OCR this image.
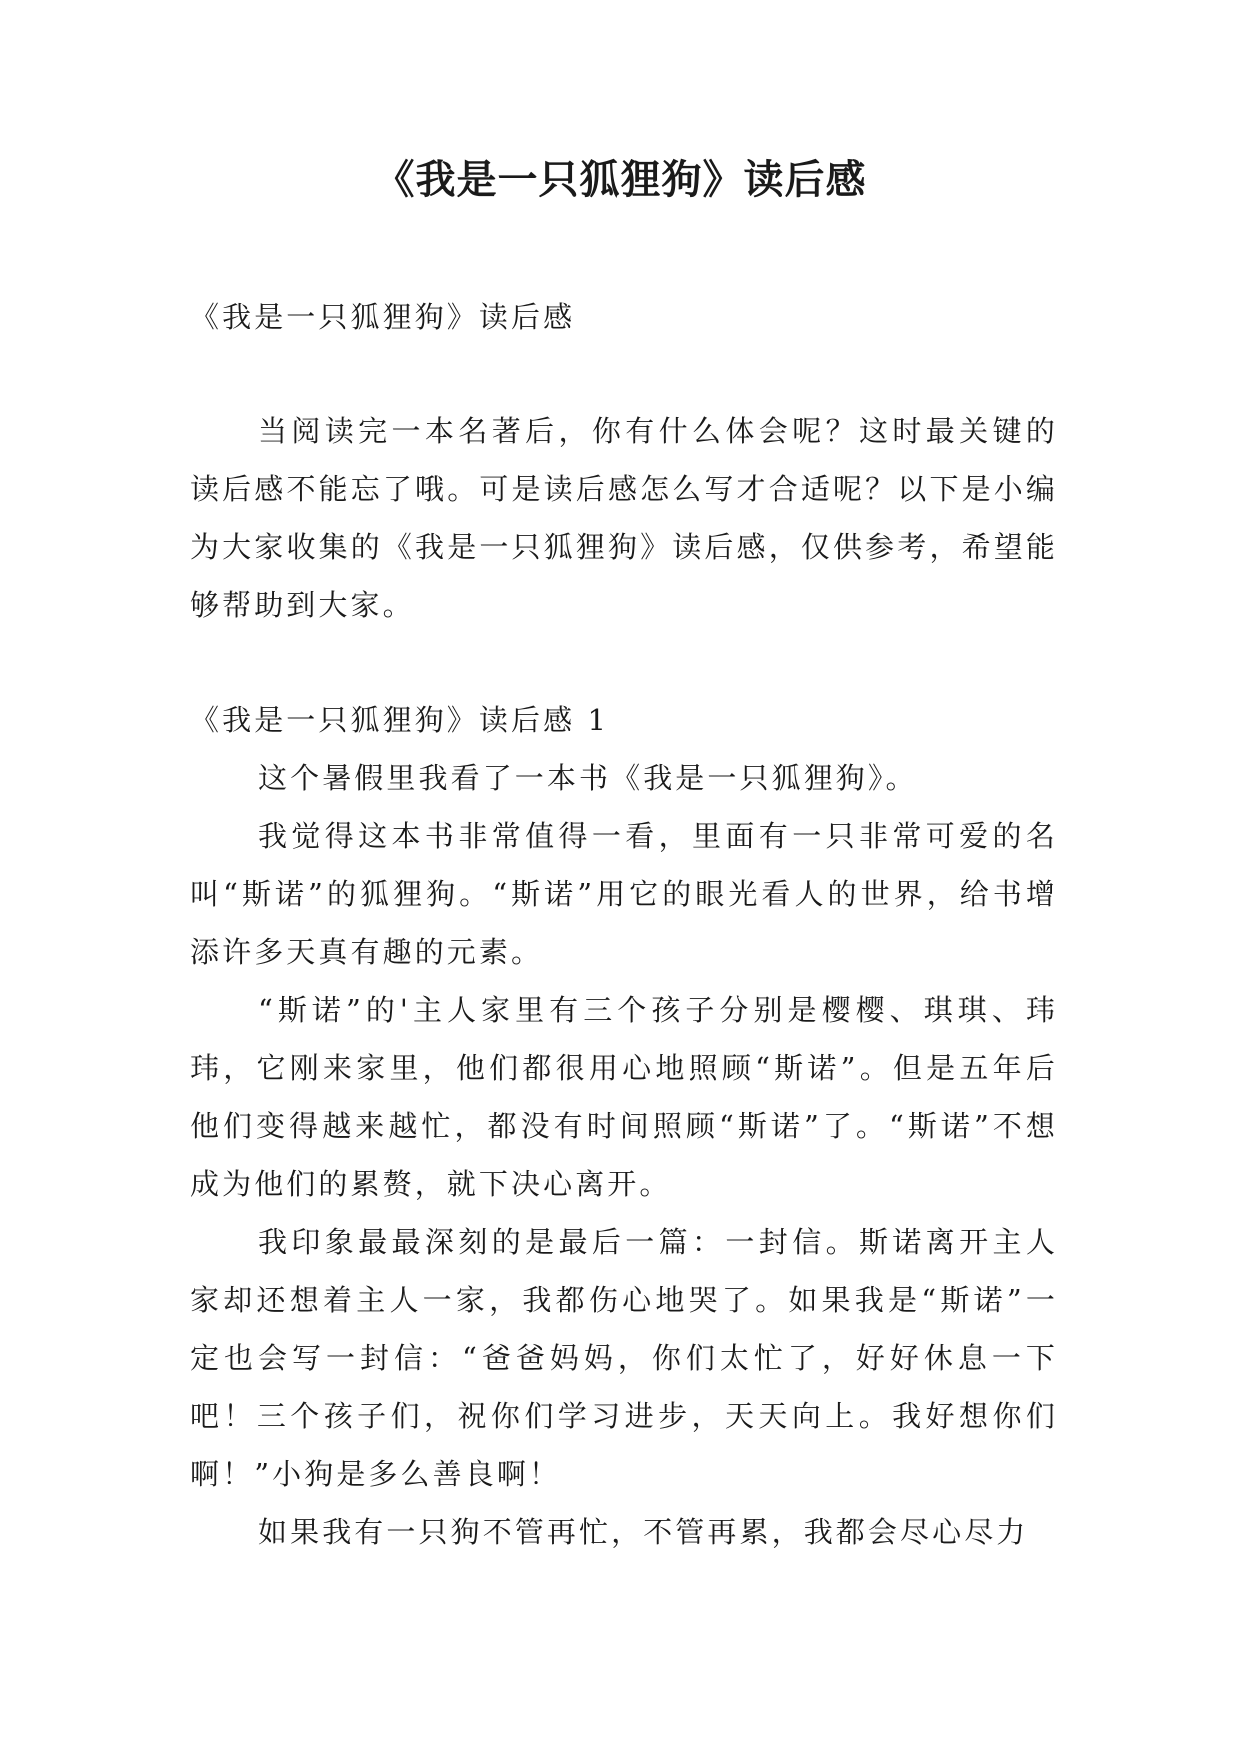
《我是一只狐狸狗》读后感

《我是一只狐狸狗》读后感

当阅读完一本名著后，你有什么体会呢？这时最关键的读后感不能忘了哦。可是读后感怎么写才合适呢？以下是小编为大家收集的《我是一只狐狸狗》读后感，仅供参考，希望能够帮助到大家。

《我是一只狐狸狗》读后感 1

这个暑假里我看了一本书《我是一只狐狸狗》。

我觉得这本书非常值得一看，里面有一只非常可爱的名叫“斯诺”的狐狸狗。“斯诺”用它的眼光看人的世界，给书增添许多天真有趣的元素。

“斯诺”的'主人家里有三个孩子分别是樱樱、琪琪、玮玮，它刚来家里，他们都很用心地照顾“斯诺”。但是五年后他们变得越来越忙，都没有时间照顾“斯诺”了。“斯诺”不想成为他们的累赘，就下决心离开。

我印象最最深刻的是最后一篇：一封信。斯诺离开主人家却还想着主人一家，我都伤心地哭了。如果我是“斯诺”一定也会写一封信：“爸爸妈妈，你们太忙了，好好休息一下吧！三个孩子们，祝你们学习进步，天天向上。我好想你们啊！”小狗是多么善良啊！

如果我有一只狗不管再忙，不管再累，我都会尽心尽力
